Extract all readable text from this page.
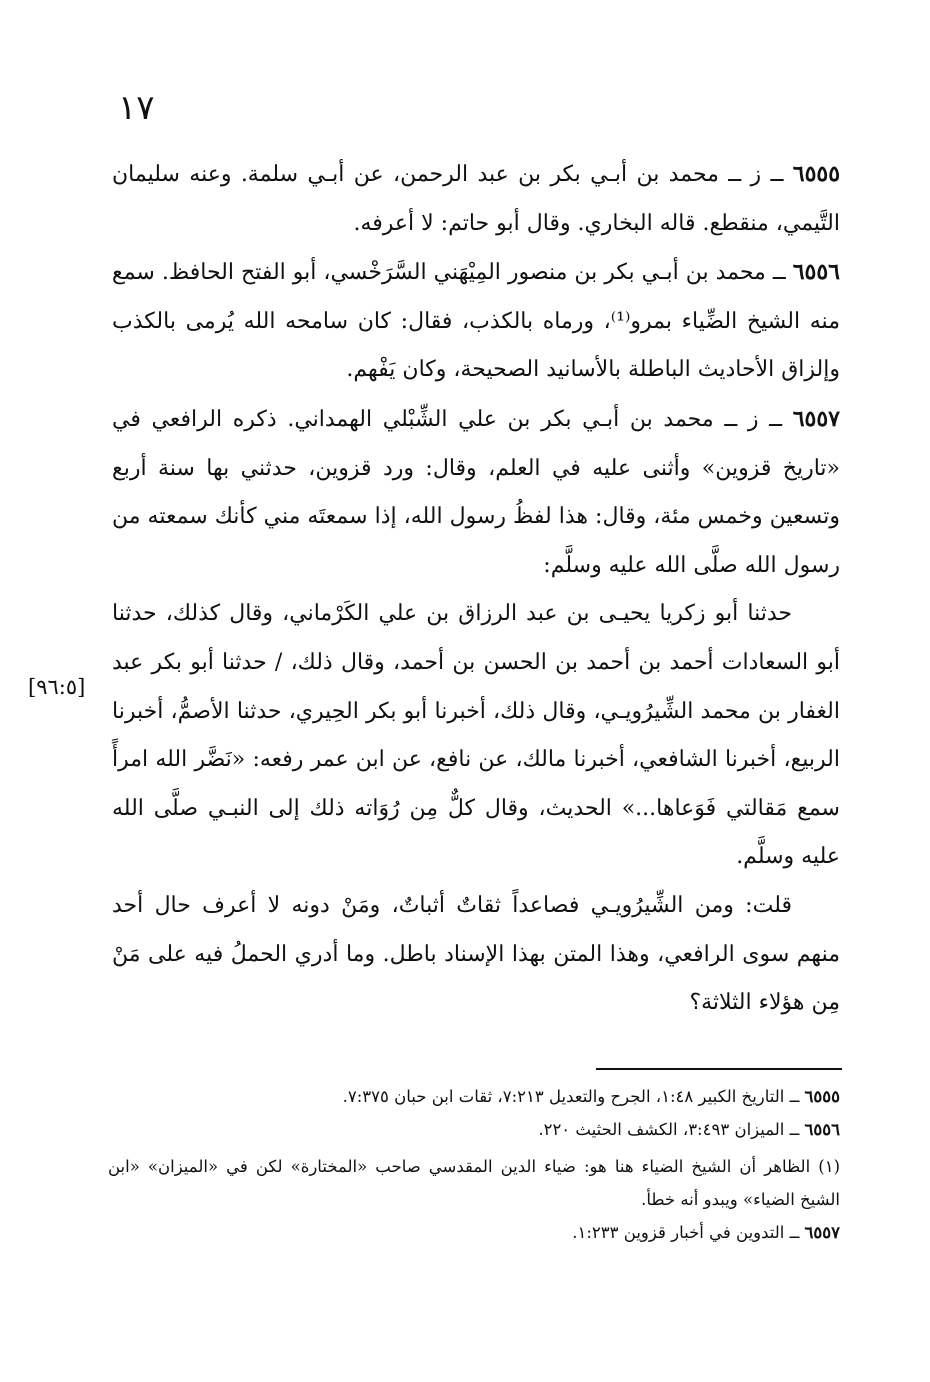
١٧
[٩٦:٥]

٦٥٥٥ ــ ز ــ محمد بن أبـي بكر بن عبد الرحمن، عن أبـي سلمة. وعنه سليمان التَّيمي، منقطع. قاله البخاري. وقال أبو حاتم: لا أعرفه.

٦٥٥٦ ــ محمد بن أبـي بكر بن منصور المِيْهَني السَّرَخْسي، أبو الفتح الحافظ. سمع منه الشيخ الضِّياء بمرو⁽¹⁾، ورماه بالكذب، فقال: كان سامحه الله يُرمى بالكذب وإلزاق الأحاديث الباطلة بالأسانيد الصحيحة، وكان يَفْهم.

٦٥٥٧ ــ ز ــ محمد بن أبـي بكر بن علي الشِّبْلي الهمداني. ذكره الرافعي في «تاريخ قزوين» وأثنى عليه في العلم، وقال: ورد قزوين، حدثني بها سنة أربع وتسعين وخمس مئة، وقال: هذا لفظُ رسول الله، إذا سمعتَه مني كأنك سمعته من رسول الله صلَّى الله عليه وسلَّم:

حدثنا أبو زكريا يحيـى بن عبد الرزاق بن علي الكَرْماني، وقال كذلك، حدثنا أبو السعادات أحمد بن أحمد بن الحسن بن أحمد، وقال ذلك، / حدثنا أبو بكر عبد الغفار بن محمد الشِّيرُويـي، وقال ذلك، أخبرنا أبو بكر الحِيري، حدثنا الأصمُّ، أخبرنا الربيع، أخبرنا الشافعي، أخبرنا مالك، عن نافع، عن ابن عمر رفعه: «نَضَّر الله امرأً سمع مَقالتي فَوَعاها...» الحديث، وقال كلٌّ مِن رُوَاته ذلك إلى النبـي صلَّى الله عليه وسلَّم.

قلت: ومن الشِّيرُويـي فصاعداً ثقاتٌ أثباتٌ، ومَنْ دونه لا أعرف حال أحد منهم سوى الرافعي، وهذا المتن بهذا الإسناد باطل. وما أدري الحملُ فيه على مَنْ مِن هؤلاء الثلاثة؟

٦٥٥٥ ــ التاريخ الكبير ١:٤٨، الجرح والتعديل ٧:٢١٣، ثقات ابن حبان ٧:٣٧٥.

٦٥٥٦ ــ الميزان ٣:٤٩٣، الكشف الحثيث ٢٢٠.

(١) الظاهر أن الشيخ الضياء هنا هو: ضياء الدين المقدسي صاحب «المختارة» لكن في «الميزان» «ابن الشيخ الضياء» ويبدو أنه خطأ.

٦٥٥٧ ــ التدوين في أخبار قزوين ١:٢٣٣.
